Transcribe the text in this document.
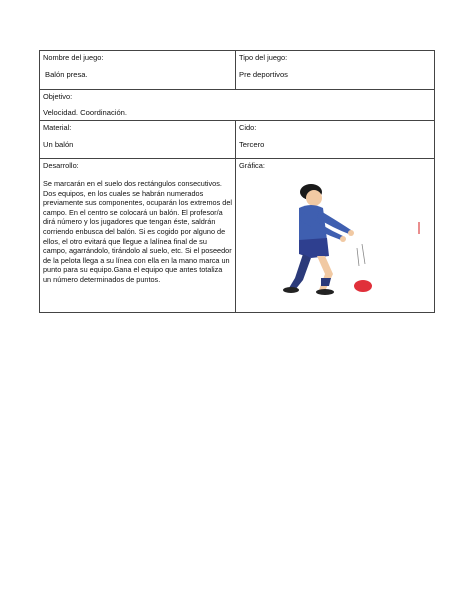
Nombre del juego:
Balón presa.	Tipo del juego:
Pre deportivos

Objetivo:
Velocidad. Coordinación.	

Material:
Un balón	Cido:
Tercero

Desarrollo:
Se marcarán en el suelo dos rectángulos consecutivos. Dos equipos, en los cuales se habrán numerados previamente sus componentes, ocuparán los extremos del campo. En el centro se colocará un balón. El profesor/a dirá número y los jugadores que tengan éste, saldrán corriendo enbusca del balón. Si es cogido por alguno de ellos, el otro evitará que llegue a lalínea final de su campo, agarrándolo, tirándolo al suelo, etc. Si el poseedor de la pelota llega a su línea con ella en la mano marca un punto para su equipo.Gana el equipo que antes totaliza un número determinados de puntos.	Gráfica:
